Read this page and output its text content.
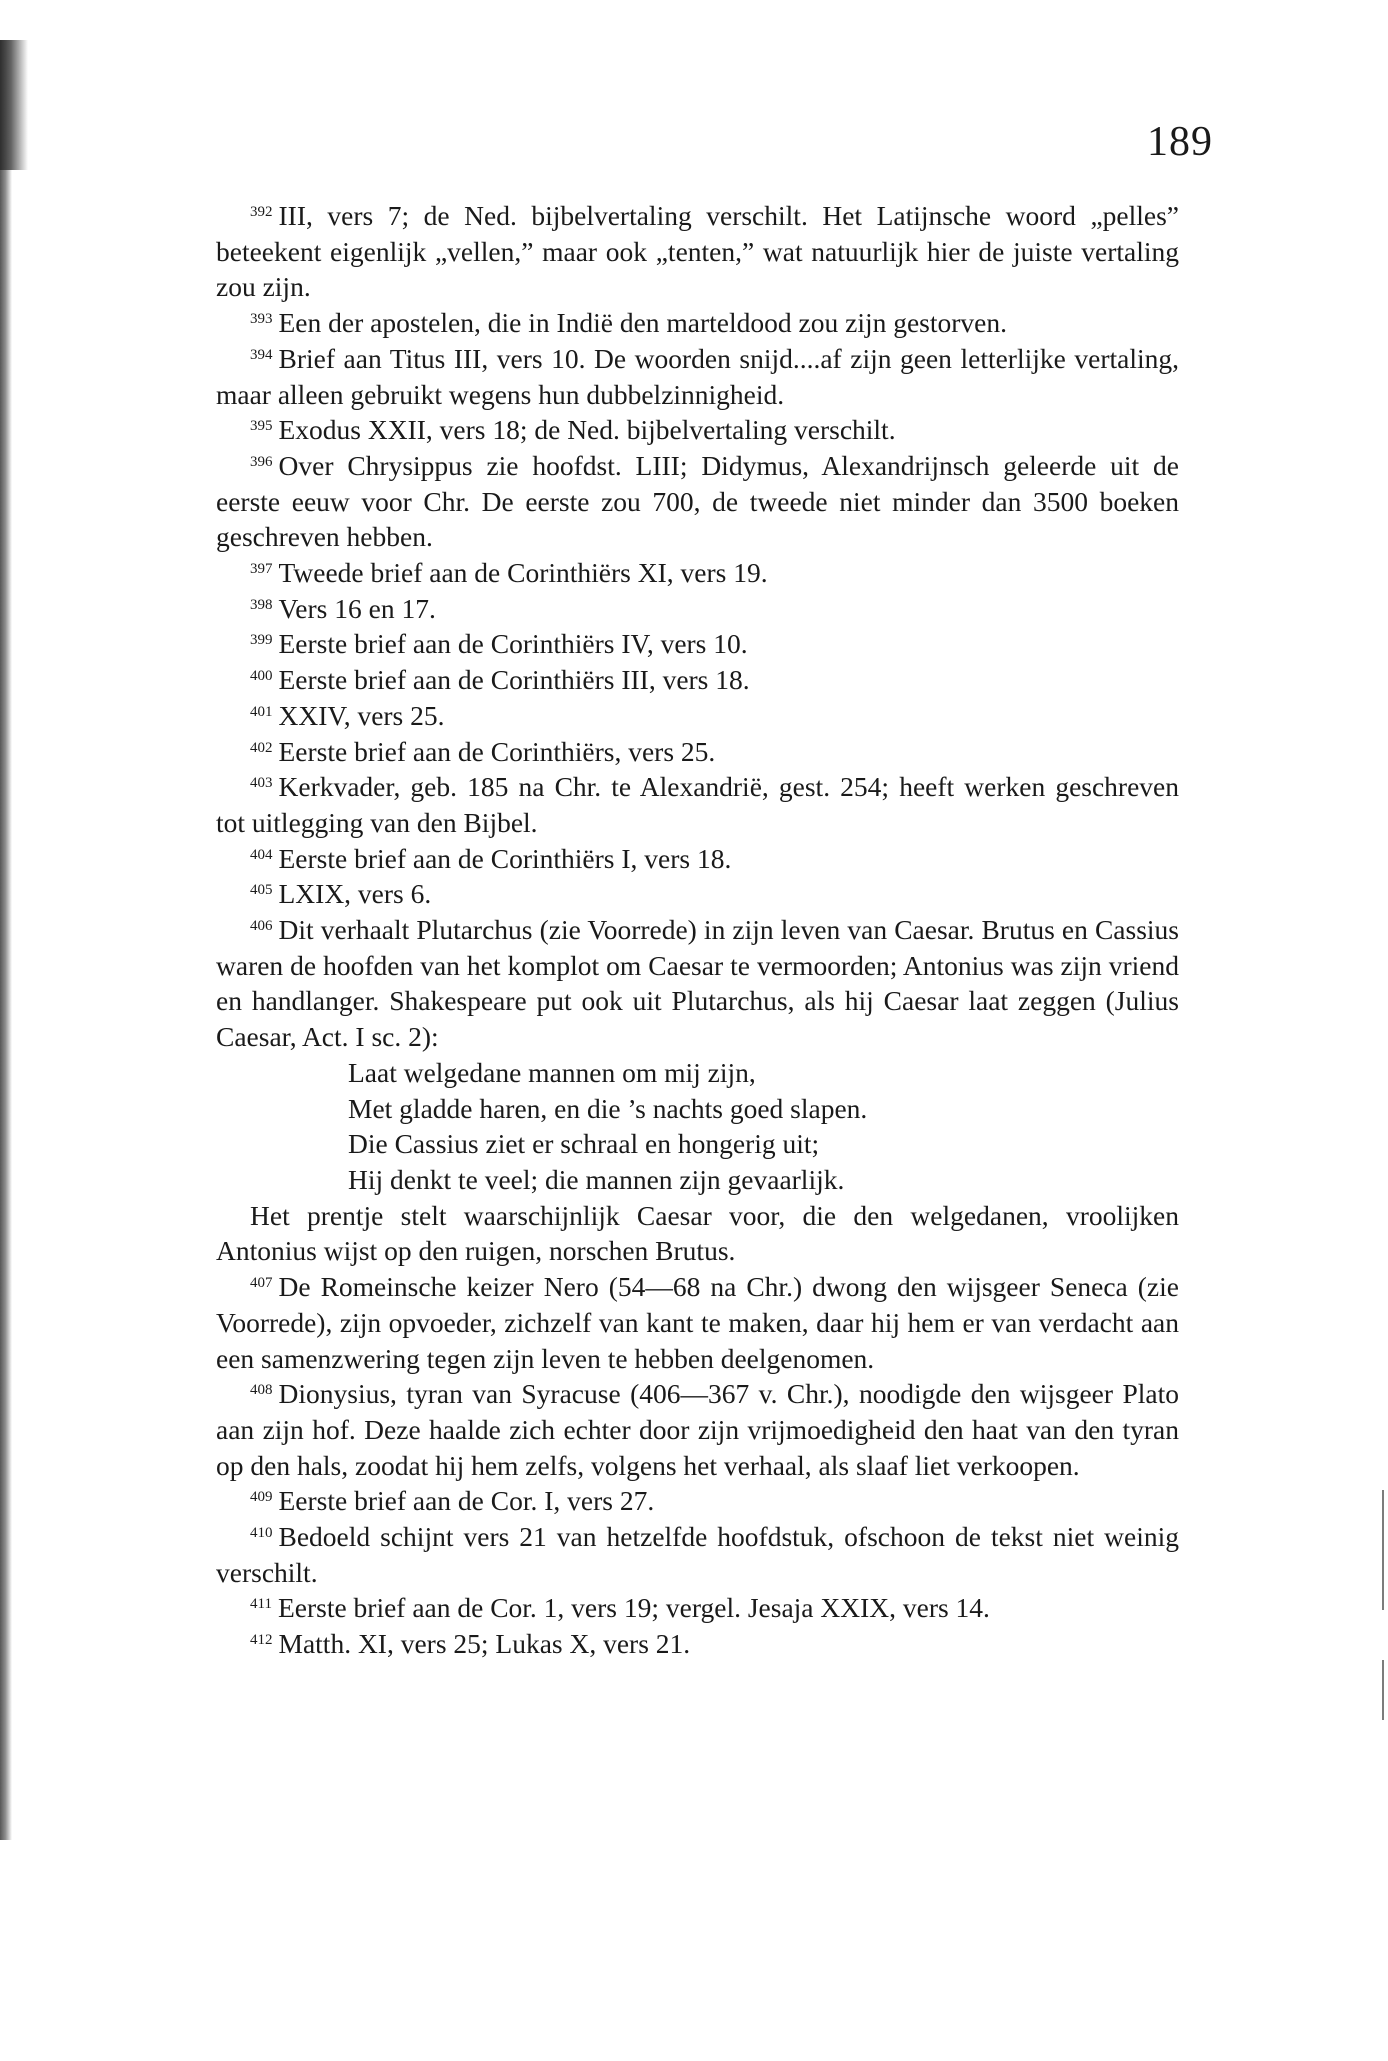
189

$^{392}$ III, vers 7; de Ned. bijbelvertaling verschilt. Het Latijnsche woord „pelles” beteekent eigenlijk „vellen,” maar ook „tenten,” wat natuurlijk hier de juiste vertaling zou zijn.

$^{393}$ Een der apostelen, die in Indië den marteldood zou zijn gestorven.

$^{394}$ Brief aan Titus III, vers 10. De woorden snijd....af zijn geen letterlijke vertaling, maar alleen gebruikt wegens hun dubbelzinnigheid.

$^{395}$ Exodus XXII, vers 18; de Ned. bijbelvertaling verschilt.

$^{396}$ Over Chrysippus zie hoofdst. LIII; Didymus, Alexandrijnsch geleerde uit de eerste eeuw voor Chr. De eerste zou 700, de tweede niet minder dan 3500 boeken geschreven hebben.

$^{397}$ Tweede brief aan de Corinthiërs XI, vers 19.

$^{398}$ Vers 16 en 17.

$^{399}$ Eerste brief aan de Corinthiërs IV, vers 10.

$^{400}$ Eerste brief aan de Corinthiërs III, vers 18.

$^{401}$ XXIV, vers 25.

$^{402}$ Eerste brief aan de Corinthiërs, vers 25.

$^{403}$ Kerkvader, geb. 185 na Chr. te Alexandrië, gest. 254; heeft werken geschreven tot uitlegging van den Bijbel.

$^{404}$ Eerste brief aan de Corinthiërs I, vers 18.

$^{405}$ LXIX, vers 6.

$^{406}$ Dit verhaalt Plutarchus (zie Voorrede) in zijn leven van Caesar. Brutus en Cassius waren de hoofden van het komplot om Caesar te vermoorden; Antonius was zijn vriend en handlanger. Shakespeare put ook uit Plutarchus, als hij Caesar laat zeggen (Julius Caesar, Act. I sc. 2):

Laat welgedane mannen om mij zijn,

Met gladde haren, en die ’s nachts goed slapen.

Die Cassius ziet er schraal en hongerig uit;

Hij denkt te veel; die mannen zijn gevaarlijk.

Het prentje stelt waarschijnlijk Caesar voor, die den welgedanen, vroolijken Antonius wijst op den ruigen, norschen Brutus.

$^{407}$ De Romeinsche keizer Nero (54—68 na Chr.) dwong den wijsgeer Seneca (zie Voorrede), zijn opvoeder, zichzelf van kant te maken, daar hij hem er van verdacht aan een samenzwering tegen zijn leven te hebben deelgenomen.

$^{408}$ Dionysius, tyran van Syracuse (406—367 v. Chr.), noodigde den wijsgeer Plato aan zijn hof. Deze haalde zich echter door zijn vrijmoedigheid den haat van den tyran op den hals, zoodat hij hem zelfs, volgens het verhaal, als slaaf liet verkoopen.

$^{409}$ Eerste brief aan de Cor. I, vers 27.

$^{410}$ Bedoeld schijnt vers 21 van hetzelfde hoofdstuk, ofschoon de tekst niet weinig verschilt.

$^{411}$ Eerste brief aan de Cor. 1, vers 19; vergel. Jesaja XXIX, vers 14.

$^{412}$ Matth. XI, vers 25; Lukas X, vers 21.
